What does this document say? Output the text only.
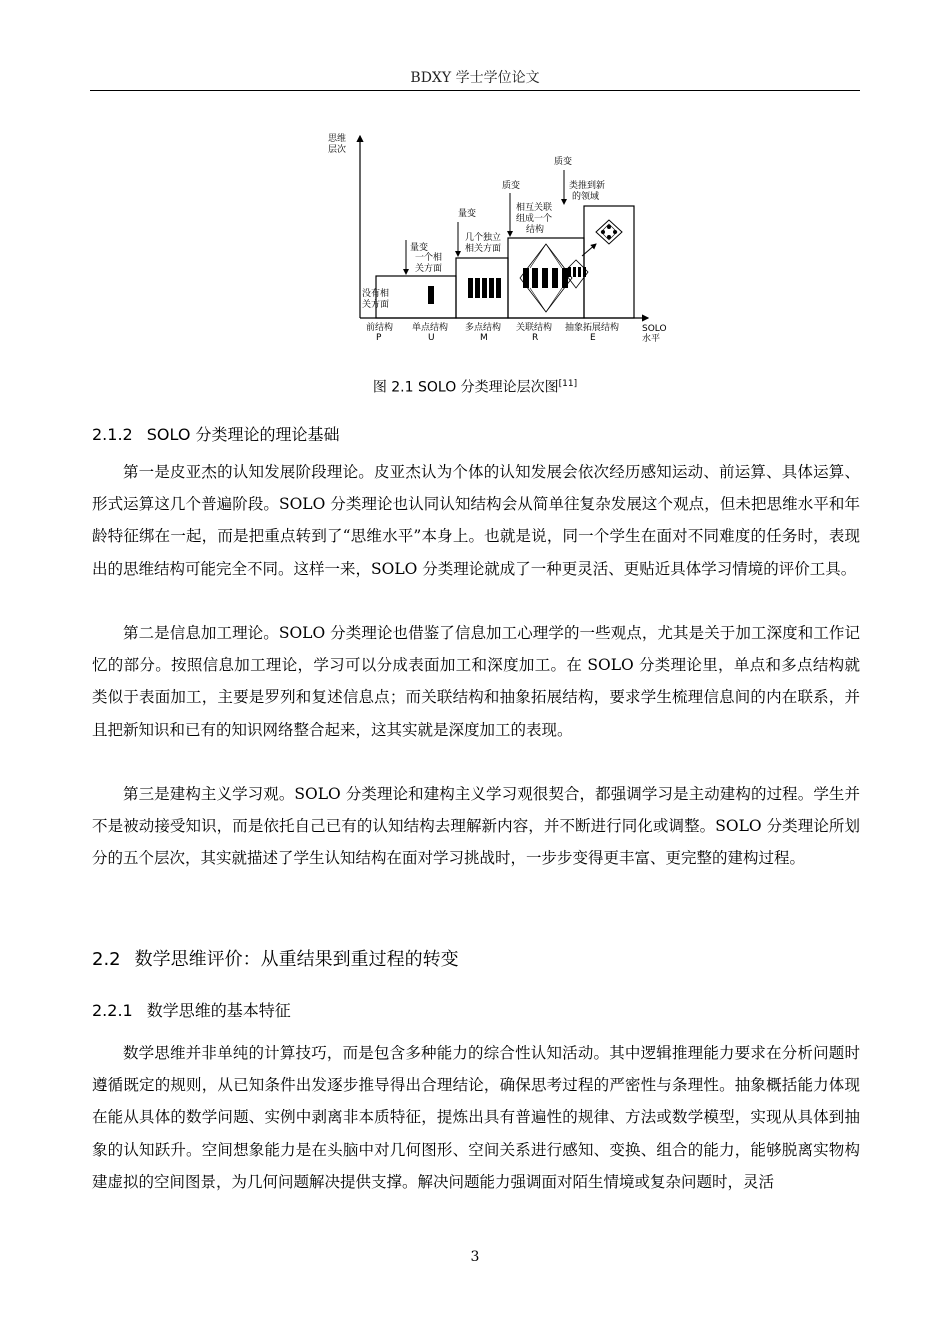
BDXY 学士学位论文
思维
层次
SOLO
水平
没有相
关方面
量变
一个相
关方面
量变
几个独立
相关方面
质变
相互关联
组成一个
结构
质变
类推到新
的领域
前结构
P
单点结构
U
多点结构
M
关联结构
R
抽象拓展结构
E
图 2.1 SOLO 分类理论层次图[11]
2.1.2 SOLO 分类理论的理论基础

第一是皮亚杰的认知发展阶段理论。皮亚杰认为个体的认知发展会依次经历感知运动、前运算、具体运算、形式运算这几个普遍阶段。SOLO 分类理论也认同认知结构会从简单往复杂发展这个观点，但未把思维水平和年龄特征绑在一起，而是把重点转到了“思维水平”本身上。也就是说，同一个学生在面对不同难度的任务时，表现出的思维结构可能完全不同。这样一来，SOLO 分类理论就成了一种更灵活、更贴近具体学习情境的评价工具。

第二是信息加工理论。SOLO 分类理论也借鉴了信息加工心理学的一些观点，尤其是关于加工深度和工作记忆的部分。按照信息加工理论，学习可以分成表面加工和深度加工。在 SOLO 分类理论里，单点和多点结构就类似于表面加工，主要是罗列和复述信息点；而关联结构和抽象拓展结构，要求学生梳理信息间的内在联系，并且把新知识和已有的知识网络整合起来，这其实就是深度加工的表现。

第三是建构主义学习观。SOLO 分类理论和建构主义学习观很契合，都强调学习是主动建构的过程。学生并不是被动接受知识，而是依托自己已有的认知结构去理解新内容，并不断进行同化或调整。SOLO 分类理论所划分的五个层次，其实就描述了学生认知结构在面对学习挑战时，一步步变得更丰富、更完整的建构过程。

2.2 数学思维评价：从重结果到重过程的转变
2.2.1 数学思维的基本特征

数学思维并非单纯的计算技巧，而是包含多种能力的综合性认知活动。其中逻辑推理能力要求在分析问题时遵循既定的规则，从已知条件出发逐步推导得出合理结论，确保思考过程的严密性与条理性。抽象概括能力体现在能从具体的数学问题、实例中剥离非本质特征，提炼出具有普遍性的规律、方法或数学模型，实现从具体到抽象的认知跃升。空间想象能力是在头脑中对几何图形、空间关系进行感知、变换、组合的能力，能够脱离实物构建虚拟的空间图景，为几何问题解决提供支撑。解决问题能力强调面对陌生情境或复杂问题时，灵活

3
